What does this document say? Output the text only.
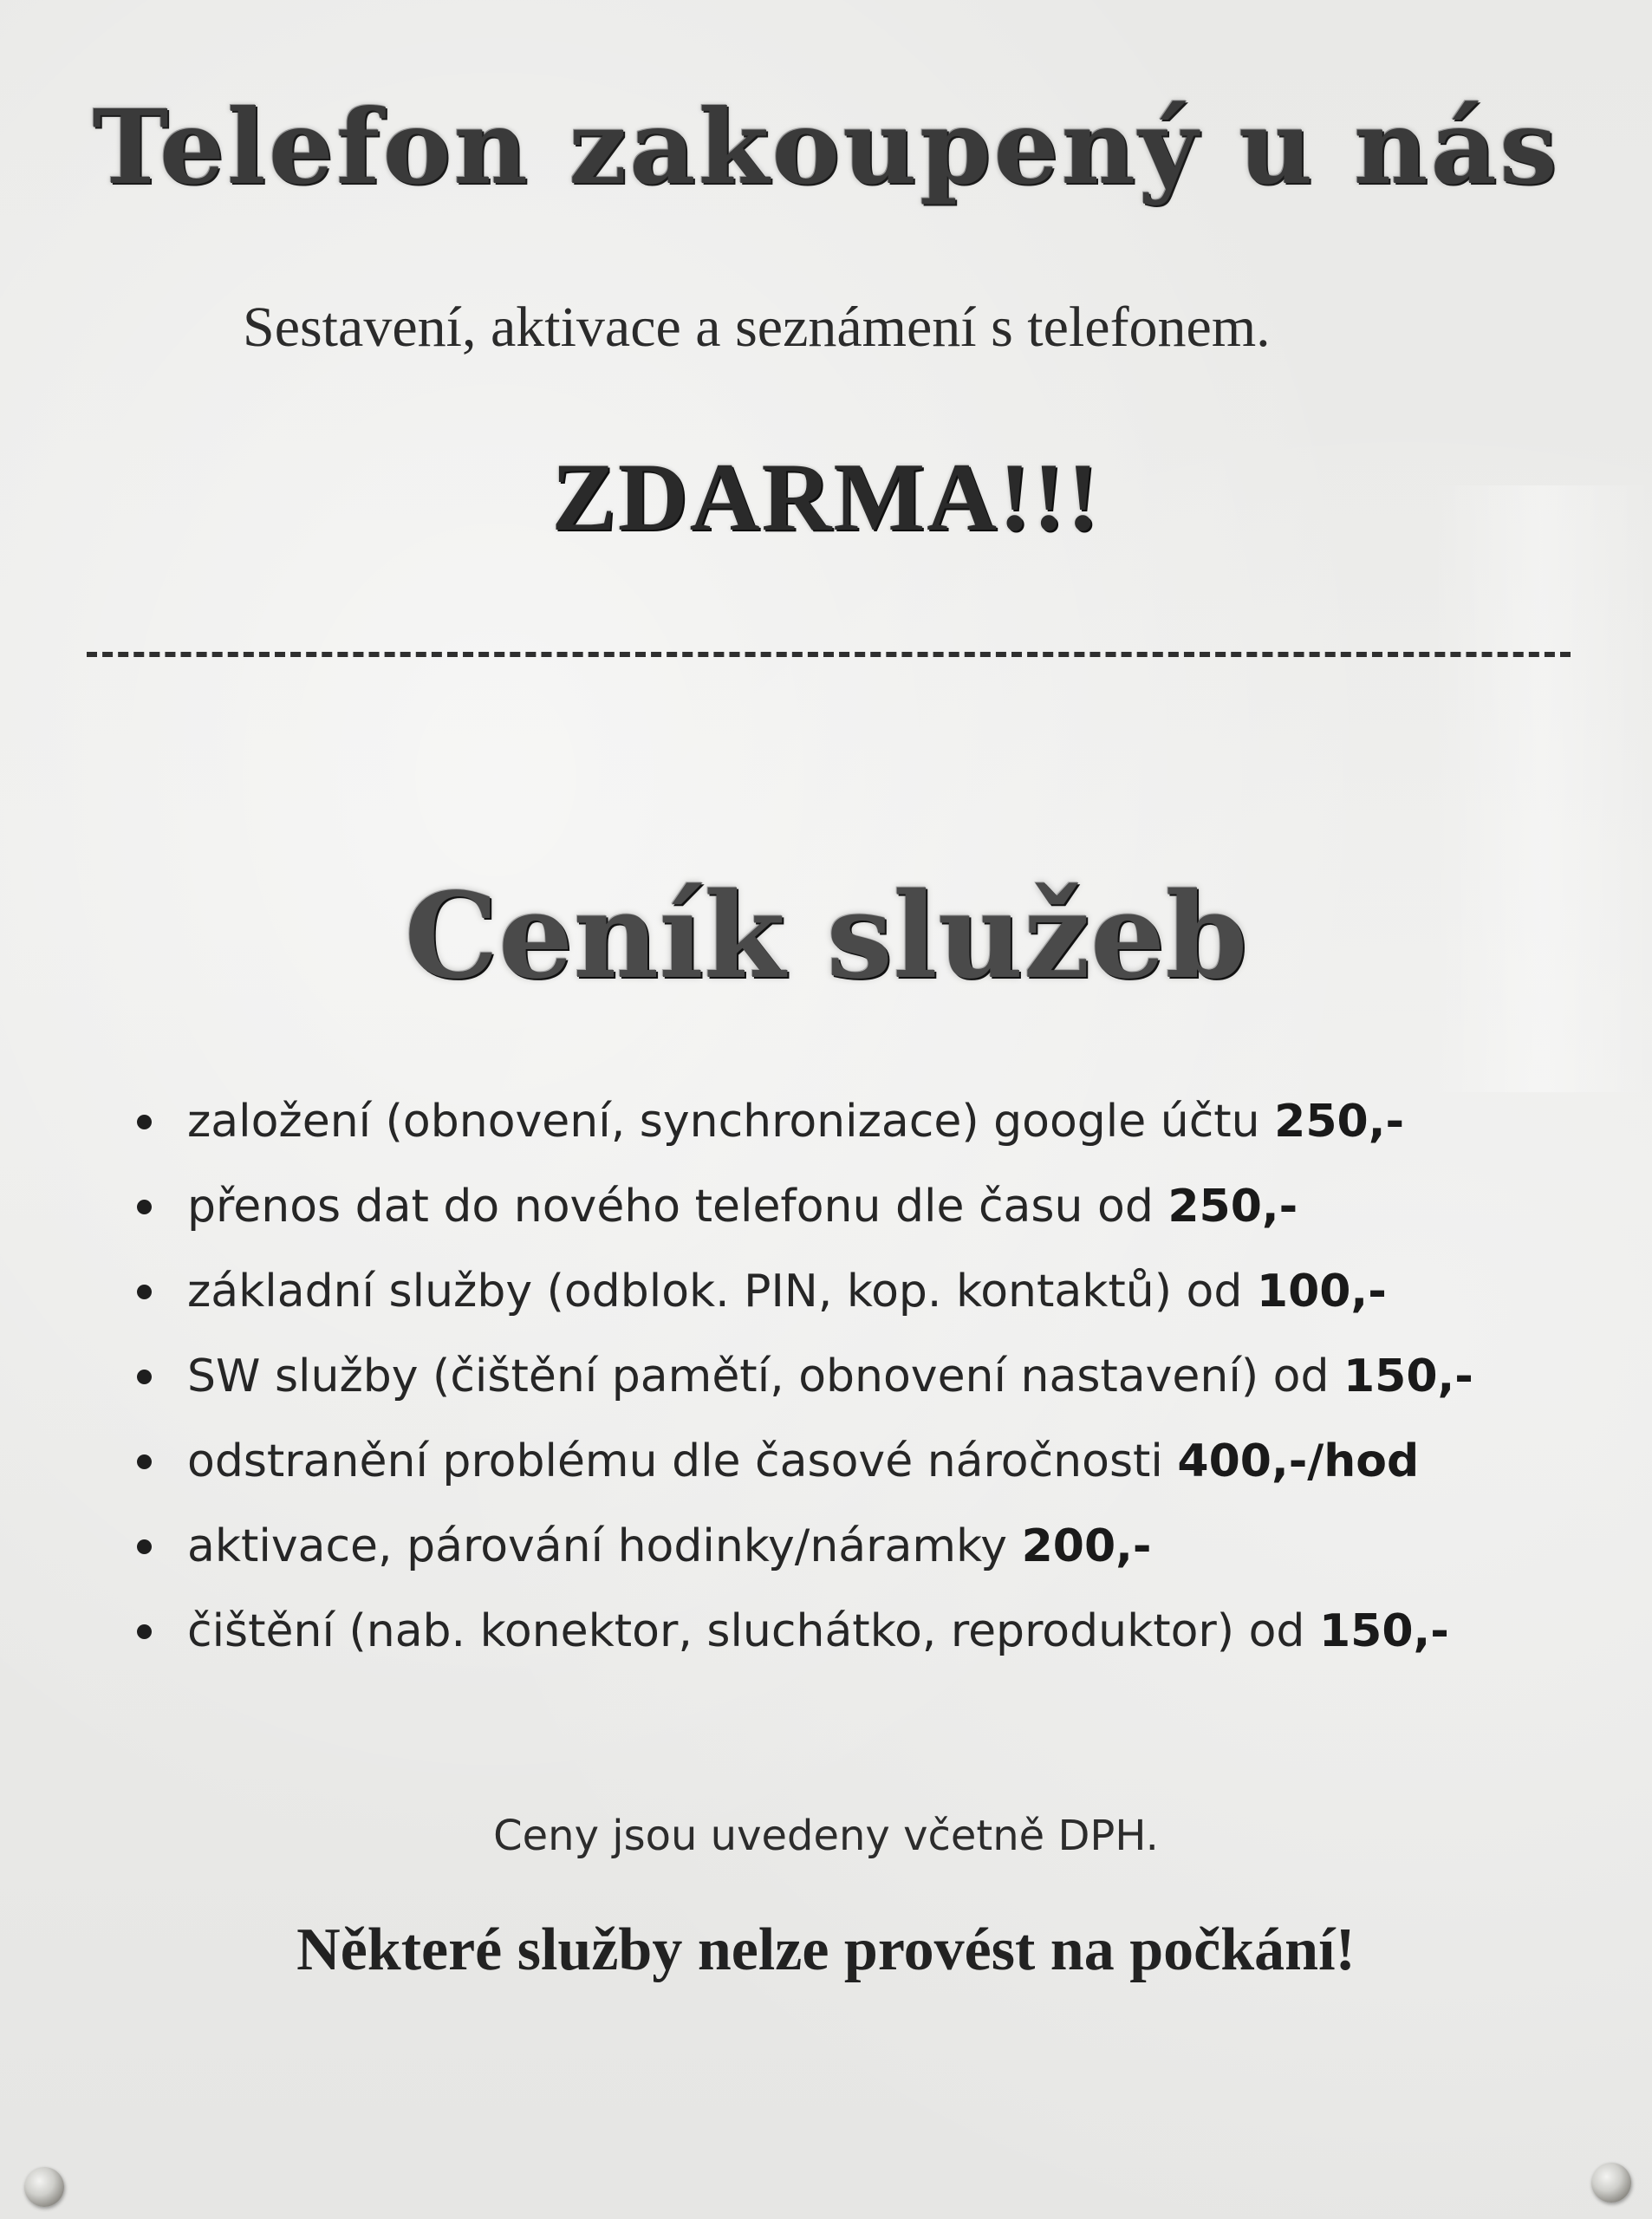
Telefon zakoupený u nás

Sestavení, aktivace a seznámení s telefonem.

ZDARMA!!!
Ceník služeb
založení (obnovení, synchronizace) google účtu 250,-
přenos dat do nového telefonu dle času od 250,-
základní služby (odblok. PIN, kop. kontaktů) od 100,-
SW služby (čištění pamětí, obnovení nastavení) od 150,-
odstranění problému dle časové náročnosti 400,-/hod
aktivace, párování hodinky/náramky 200,-
čištění (nab. konektor, sluchátko, reproduktor) od 150,-

Ceny jsou uvedeny včetně DPH.

Některé služby nelze provést na počkání!
